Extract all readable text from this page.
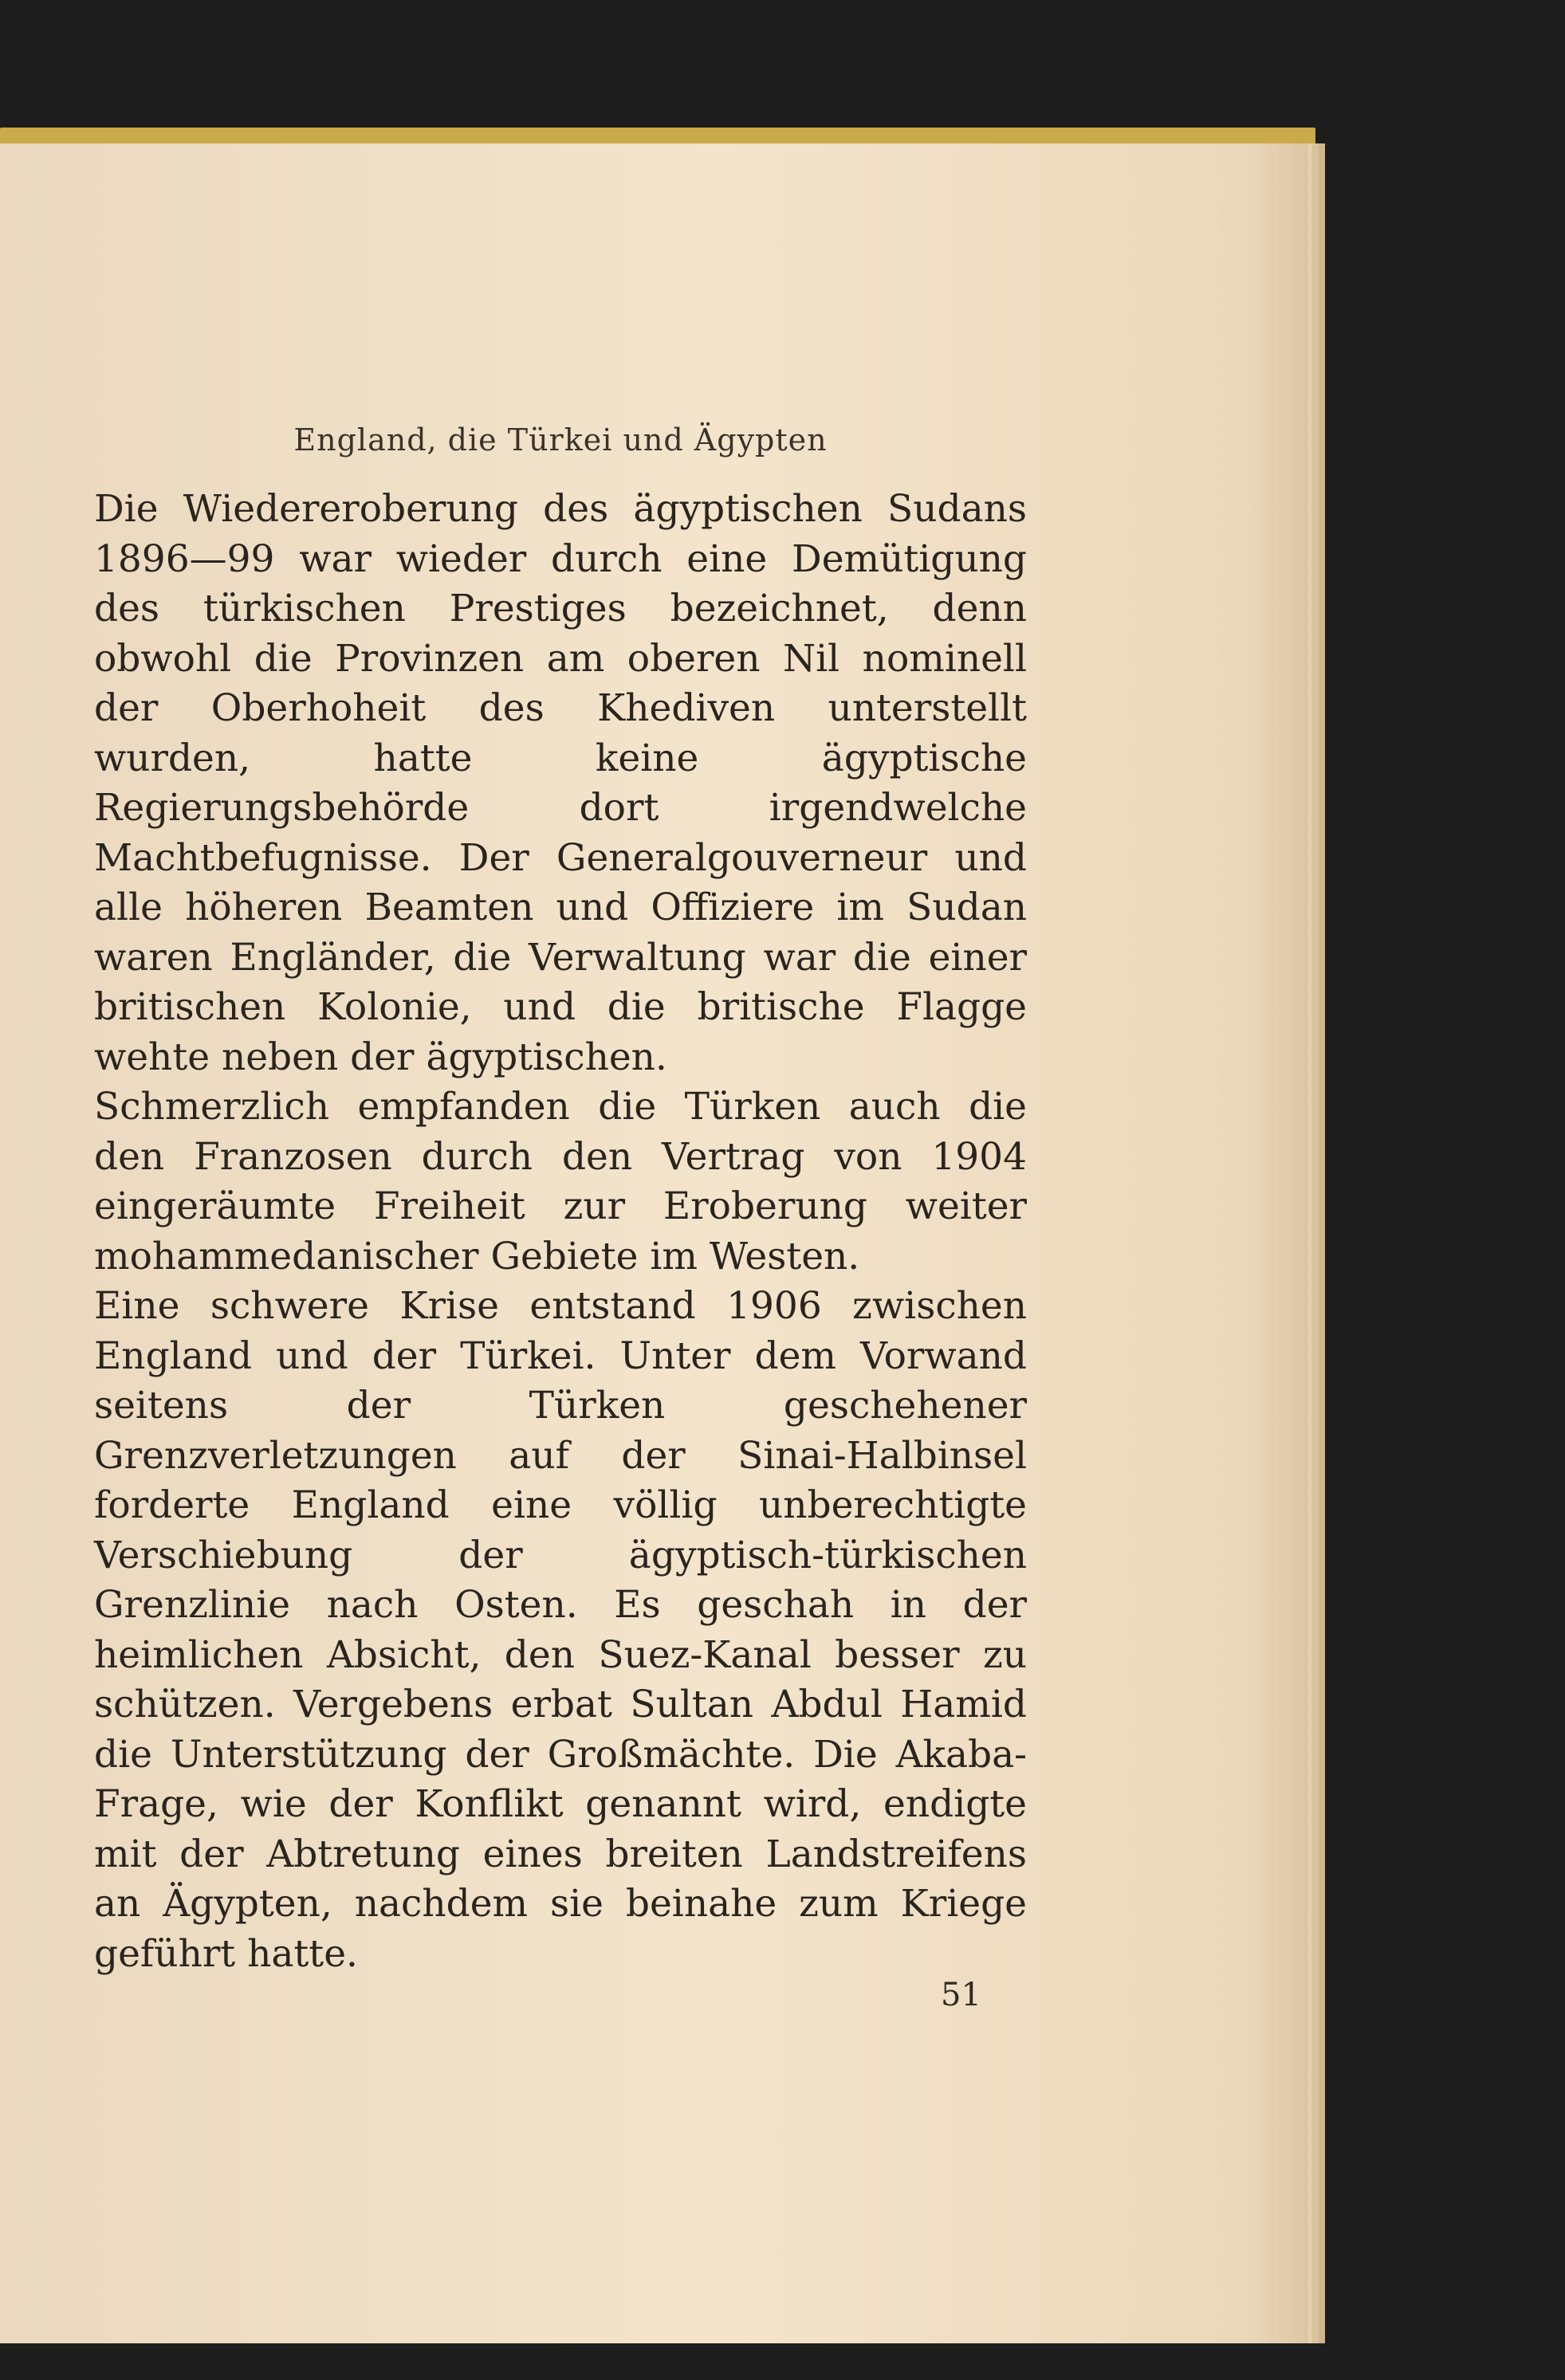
England, die Türkei und Ägypten

Die Wiedereroberung des ägyptischen Sudans 1896—99 war wieder durch eine Demütigung des türkischen Prestiges bezeichnet, denn obwohl die Provinzen am oberen Nil nominell der Oberhoheit des Khediven unterstellt wurden, hatte keine ägyptische Regierungsbehörde dort irgendwelche Machtbefugnisse. Der Generalgouverneur und alle höheren Beamten und Offiziere im Sudan waren Engländer, die Verwaltung war die einer britischen Kolonie, und die britische Flagge wehte neben der ägyptischen.

Schmerzlich empfanden die Türken auch die den Franzosen durch den Vertrag von 1904 eingeräumte Freiheit zur Eroberung weiter mohammedanischer Gebiete im Westen.

Eine schwere Krise entstand 1906 zwischen England und der Türkei. Unter dem Vorwand seitens der Türken geschehener Grenzverletzungen auf der Sinai-Halbinsel forderte England eine völlig unberechtigte Verschiebung der ägyptisch-türkischen Grenzlinie nach Osten. Es geschah in der heimlichen Absicht, den Suez-Kanal besser zu schützen. Vergebens erbat Sultan Abdul Hamid die Unterstützung der Großmächte. Die Akaba-Frage, wie der Konflikt genannt wird, endigte mit der Abtretung eines breiten Landstreifens an Ägypten, nachdem sie beinahe zum Kriege geführt hatte.

51
